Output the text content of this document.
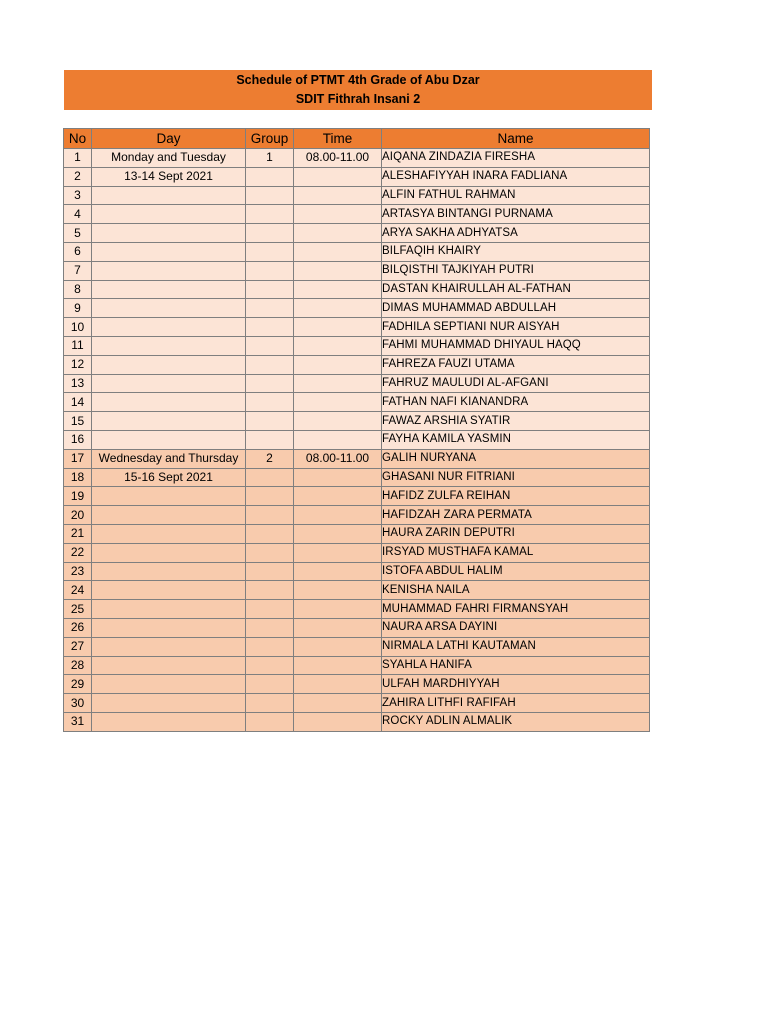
Schedule of PTMT 4th Grade of Abu Dzar
SDIT Fithrah Insani 2
No	Day	Group	Time	Name
1	Monday and Tuesday	1	08.00-11.00	AIQANA ZINDAZIA FIRESHA
2	13-14 Sept 2021			ALESHAFIYYAH INARA FADLIANA
3				ALFIN FATHUL RAHMAN
4				ARTASYA BINTANGI PURNAMA
5				ARYA SAKHA ADHYATSA
6				BILFAQIH KHAIRY
7				BILQISTHI TAJKIYAH PUTRI
8				DASTAN KHAIRULLAH AL-FATHAN
9				DIMAS MUHAMMAD ABDULLAH
10				FADHILA SEPTIANI NUR AISYAH
11				FAHMI MUHAMMAD DHIYAUL HAQQ
12				FAHREZA FAUZI UTAMA
13				FAHRUZ MAULUDI AL-AFGANI
14				FATHAN NAFI KIANANDRA
15				FAWAZ ARSHIA SYATIR
16				FAYHA KAMILA YASMIN
17	Wednesday and Thursday	2	08.00-11.00	GALIH NURYANA
18	15-16 Sept 2021			GHASANI NUR FITRIANI
19				HAFIDZ ZULFA REIHAN
20				HAFIDZAH ZARA PERMATA
21				HAURA ZARIN DEPUTRI
22				IRSYAD MUSTHAFA KAMAL
23				ISTOFA ABDUL HALIM
24				KENISHA NAILA
25				MUHAMMAD FAHRI FIRMANSYAH
26				NAURA ARSA DAYINI
27				NIRMALA LATHI KAUTAMAN
28				SYAHLA HANIFA
29				ULFAH MARDHIYYAH
30				ZAHIRA LITHFI RAFIFAH
31				ROCKY ADLIN ALMALIK
